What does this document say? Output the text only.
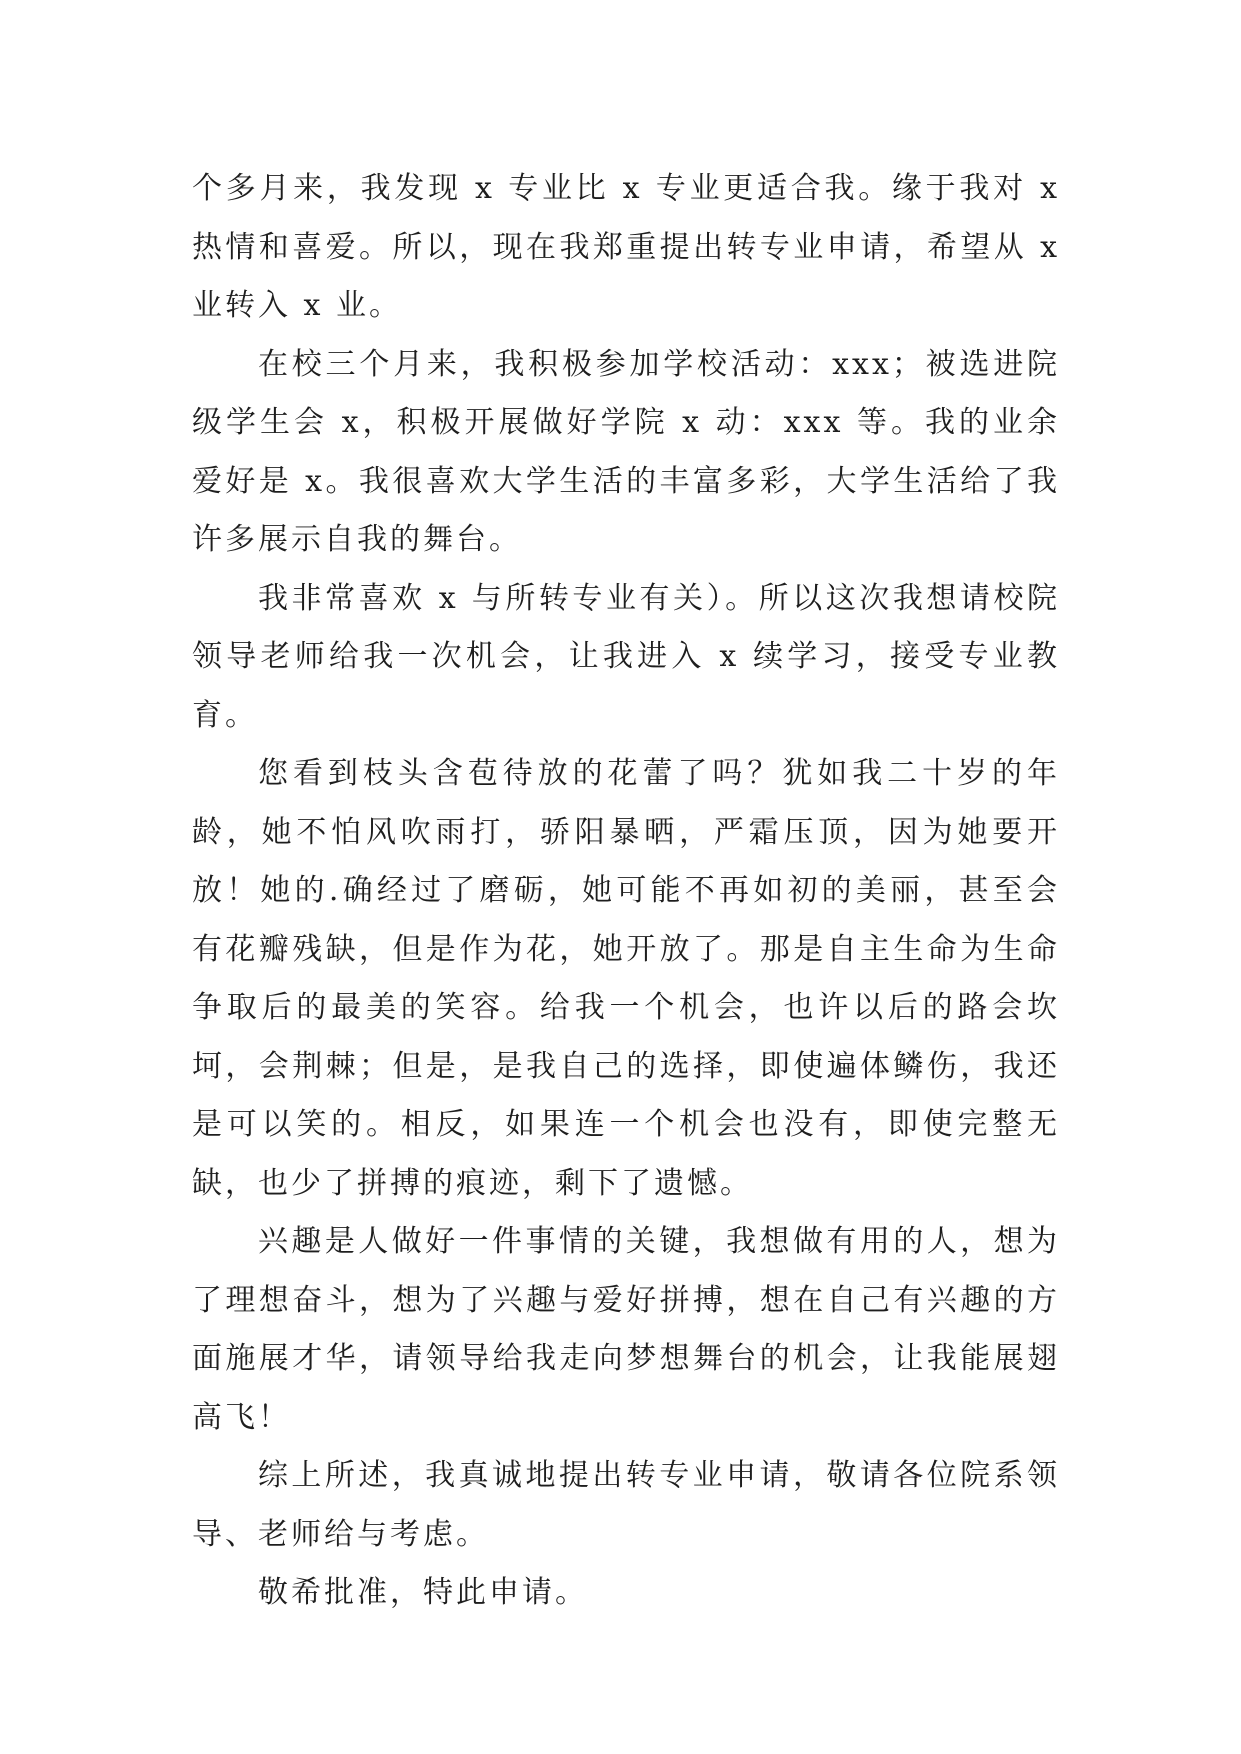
个多月来，我发现 x 专业比 x 专业更适合我。缘于我对 x 热情和喜爱。所以，现在我郑重提出转专业申请，希望从 x 业转入 x 业。

在校三个月来，我积极参加学校活动：xxx；被选进院级学生会 x，积极开展做好学院 x 动：xxx 等。我的业余爱好是 x。我很喜欢大学生活的丰富多彩，大学生活给了我许多展示自我的舞台。

我非常喜欢 x 与所转专业有关）。所以这次我想请校院领导老师给我一次机会，让我进入 x 续学习，接受专业教育。

您看到枝头含苞待放的花蕾了吗？犹如我二十岁的年龄，她不怕风吹雨打，骄阳暴晒，严霜压顶，因为她要开放！她的.确经过了磨砺，她可能不再如初的美丽，甚至会有花瓣残缺，但是作为花，她开放了。那是自主生命为生命争取后的最美的笑容。给我一个机会，也许以后的路会坎坷，会荆棘；但是，是我自己的选择，即使遍体鳞伤，我还是可以笑的。相反，如果连一个机会也没有，即使完整无缺，也少了拼搏的痕迹，剩下了遗憾。

兴趣是人做好一件事情的关键，我想做有用的人，想为了理想奋斗，想为了兴趣与爱好拼搏，想在自己有兴趣的方面施展才华，请领导给我走向梦想舞台的机会，让我能展翅高飞！

综上所述，我真诚地提出转专业申请，敬请各位院系领导、老师给与考虑。

敬希批准，特此申请。
